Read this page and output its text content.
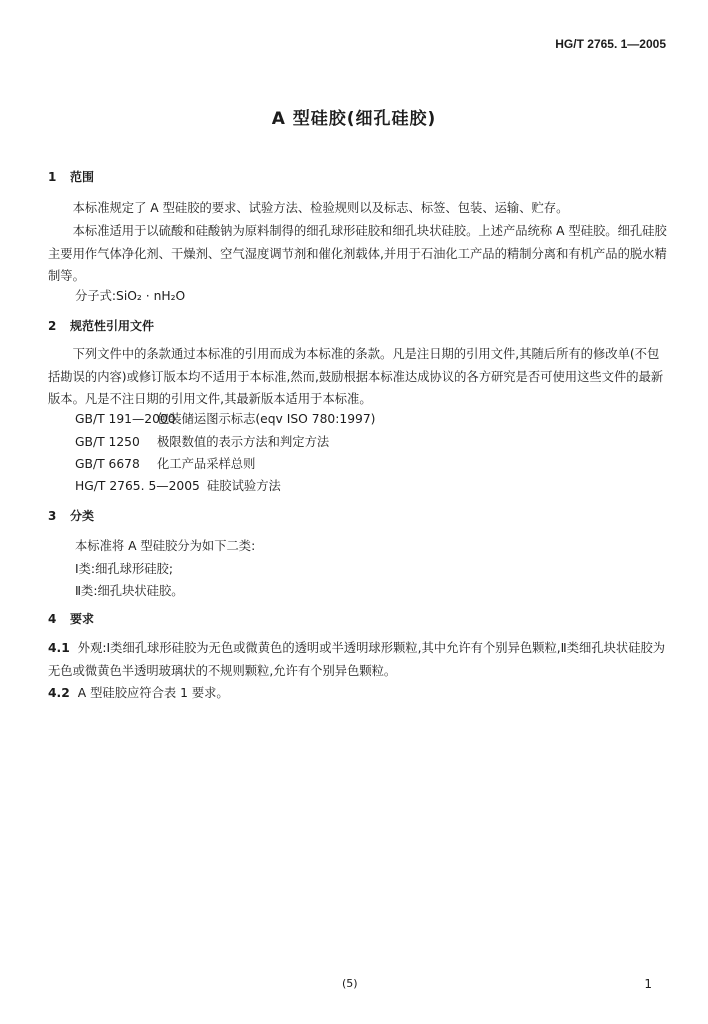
HG/T 2765. 1—2005
A 型硅胶(细孔硅胶)
1 范围

本标准规定了 A 型硅胶的要求、试验方法、检验规则以及标志、标签、包装、运输、贮存。

本标准适用于以硫酸和硅酸钠为原料制得的细孔球形硅胶和细孔块状硅胶。上述产品统称 A 型硅胶。细孔硅胶主要用作气体净化剂、干燥剂、空气湿度调节剂和催化剂载体,并用于石油化工产品的精制分离和有机产品的脱水精制等。

分子式:SiO₂ · nH₂O
2 规范性引用文件

下列文件中的条款通过本标准的引用而成为本标准的条款。凡是注日期的引用文件,其随后所有的修改单(不包括勘误的内容)或修订版本均不适用于本标准,然而,鼓励根据本标准达成协议的各方研究是否可使用这些文件的最新版本。凡是不注日期的引用文件,其最新版本适用于本标准。

GB/T 191—2000包装储运图示标志(eqv ISO 780:1997)
GB/T 1250 极限数值的表示方法和判定方法
GB/T 6678 化工产品采样总则
HG/T 2765. 5—2005 硅胶试验方法
3 分类
本标准将 A 型硅胶分为如下二类:
Ⅰ类:细孔球形硅胶;
Ⅱ类:细孔块状硅胶。
4 要求

4.1 外观:Ⅰ类细孔球形硅胶为无色或微黄色的透明或半透明球形颗粒,其中允许有个别异色颗粒,Ⅱ类细孔块状硅胶为无色或微黄色半透明玻璃状的不规则颗粒,允许有个别异色颗粒。

4.2 A 型硅胶应符合表 1 要求。

(5)	1
